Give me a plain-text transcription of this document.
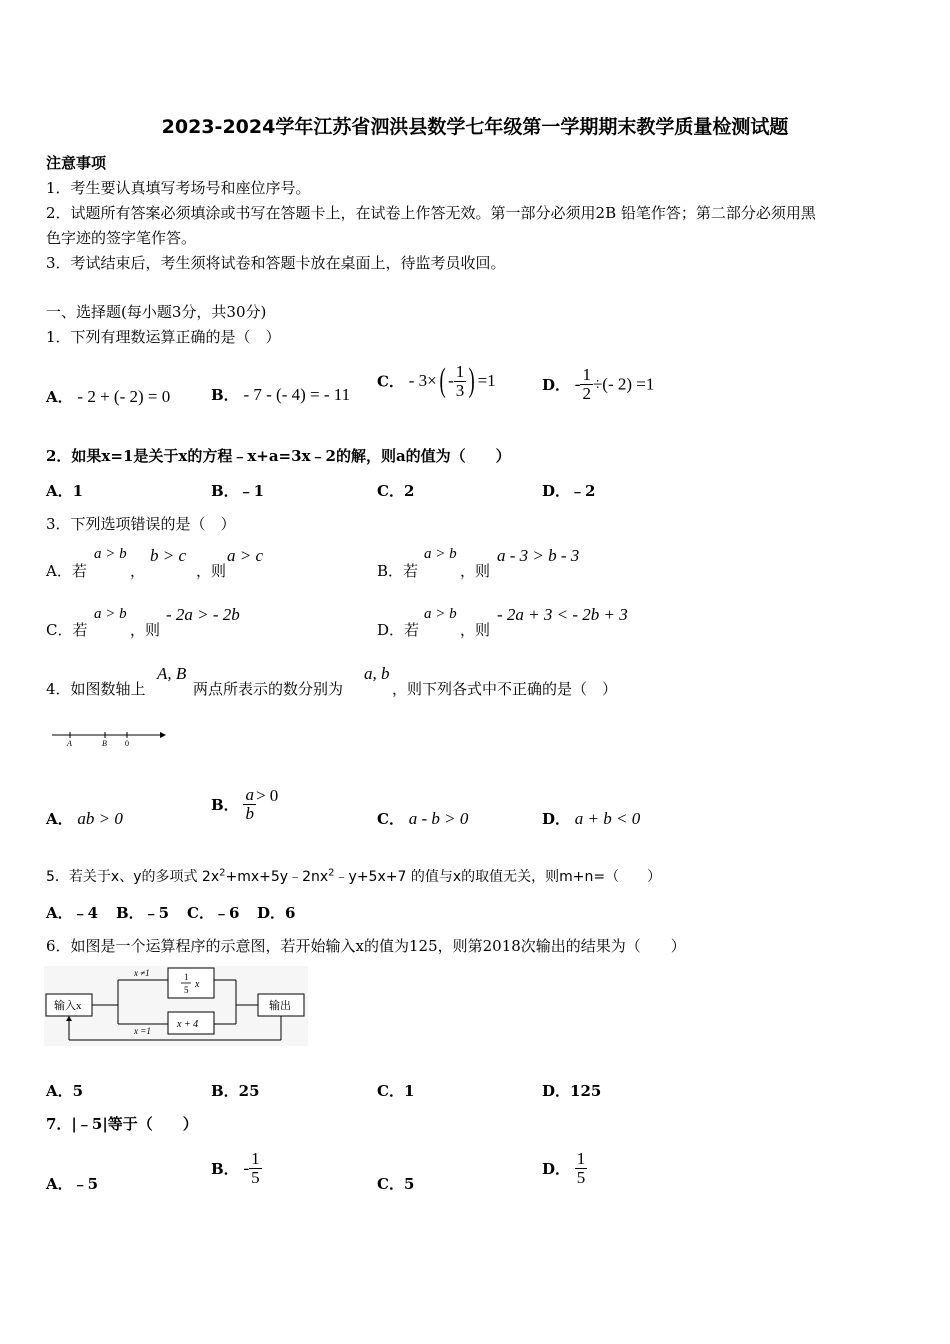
2023-2024学年江苏省泗洪县数学七年级第一学期期末教学质量检测试题
注意事项
1．考生要认真填写考场号和座位序号。
2．试题所有答案必须填涂或书写在答题卡上，在试卷上作答无效。第一部分必须用2B 铅笔作答；第二部分必须用黑
色字迹的签字笔作答。
3．考试结束后，考生须将试卷和答题卡放在桌面上，待监考员收回。
一、选择题(每小题3分，共30分)
1．下列有理数运算正确的是（　）
A． - 2 + (- 2) = 0	B． - 7 - (- 4) = - 11
C． - $3\times( - \frac{1}{3}$ ) =1	D． - $\frac{1}{2}$ ÷(- 2) =1
2．如果x=1是关于x的方程﹣x+a=3x﹣2的解，则a的值为（　　）
A．1	B．﹣1	C．2	D．﹣2
3．下列选项错误的是（　）
A．若
a > b
，
b > c
，则
a > c
B．若
a > b
，则
a - 3 > b - 3
C．若
a > b
，则
- 2a > - 2b
D．若
a > b
，则
- 2a + 3 < - 2b + 3
4．如图数轴上
A, B
两点所表示的数分别为
a, b
，则下列各式中不正确的是（　）
A	B 0
A． ab > 0
B． $\frac{a}{b} > 0$
C． a - b > 0	D． a + b < 0
5．若关于x、y的多项式 $2x^2+mx+5y﹣2nx^2﹣y+5x+7$ 的值与x的取值无关，则m+n=（　　）
A．﹣4 B．﹣5 C．﹣6 D．6
6．如图是一个运算程序的示意图，若开始输入x的值为125，则第2018次输出的结果为（　　）
输入x	输出
1
5 x
x + 4
x ≠1
x =1
A．5	B．25	C．1	D．125
7．|﹣5|等于（　　）
A．﹣5
B． - $\frac{1}{5}$	C．5
D． $\frac{1}{5}$
